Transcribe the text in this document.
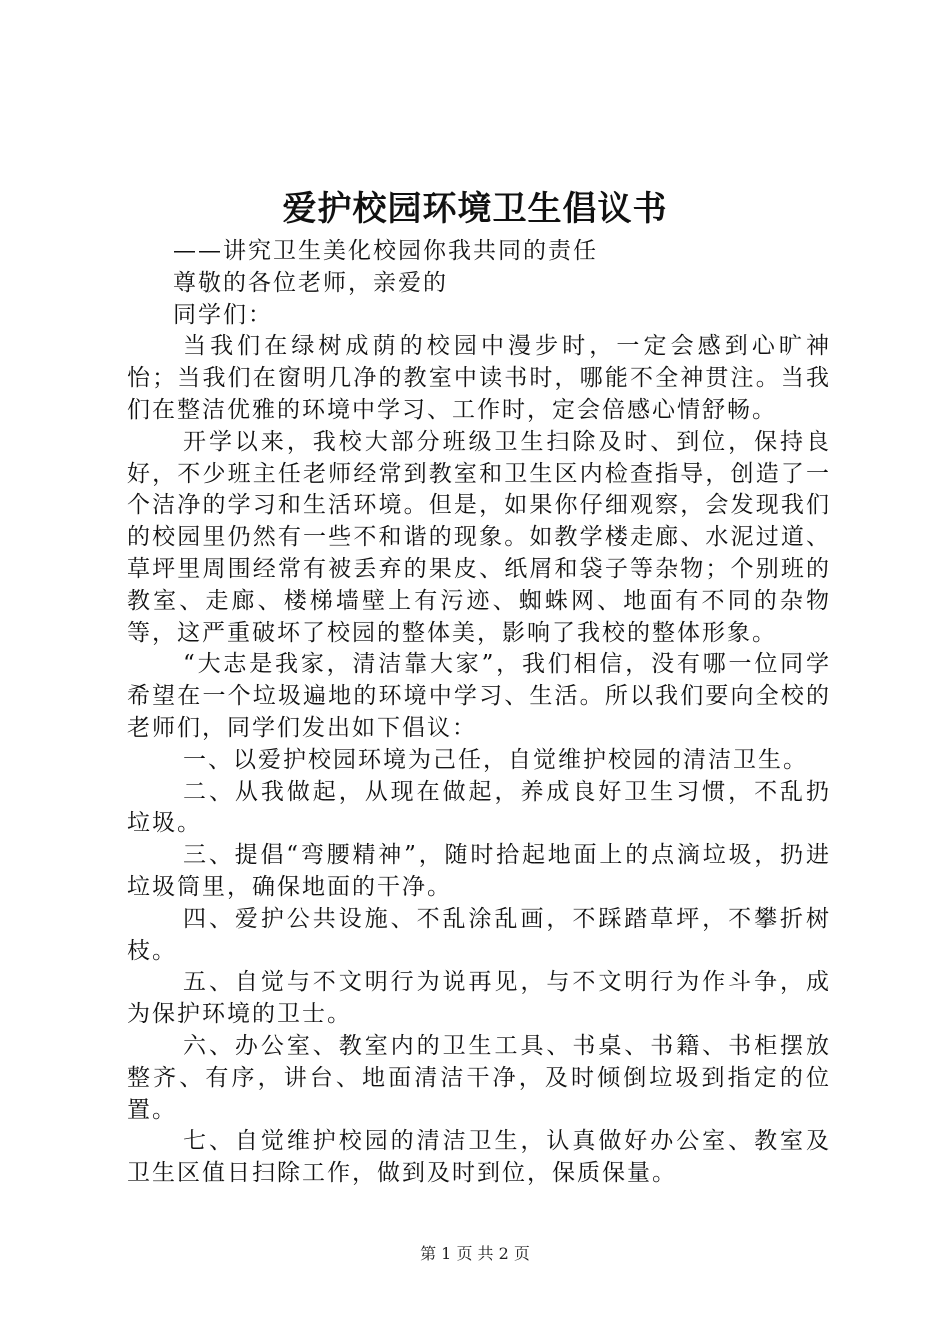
爱护校园环境卫生倡议书

——讲究卫生美化校园你我共同的责任

尊敬的各位老师，亲爱的

同学们：

当我们在绿树成荫的校园中漫步时，一定会感到心旷神怡；当我们在窗明几净的教室中读书时，哪能不全神贯注。当我们在整洁优雅的环境中学习、工作时，定会倍感心情舒畅。

开学以来，我校大部分班级卫生扫除及时、到位，保持良好，不少班主任老师经常到教室和卫生区内检查指导，创造了一个洁净的学习和生活环境。但是，如果你仔细观察，会发现我们的校园里仍然有一些不和谐的现象。如教学楼走廊、水泥过道、草坪里周围经常有被丢弃的果皮、纸屑和袋子等杂物；个别班的教室、走廊、楼梯墙壁上有污迹、蜘蛛网、地面有不同的杂物等，这严重破坏了校园的整体美，影响了我校的整体形象。

“大志是我家，清洁靠大家”，我们相信，没有哪一位同学希望在一个垃圾遍地的环境中学习、生活。所以我们要向全校的老师们，同学们发出如下倡议：

一、以爱护校园环境为己任，自觉维护校园的清洁卫生。

二、从我做起，从现在做起，养成良好卫生习惯，不乱扔垃圾。

三、提倡“弯腰精神”，随时拾起地面上的点滴垃圾，扔进垃圾筒里，确保地面的干净。

四、爱护公共设施、不乱涂乱画，不踩踏草坪，不攀折树枝。

五、自觉与不文明行为说再见，与不文明行为作斗争，成为保护环境的卫士。

六、办公室、教室内的卫生工具、书桌、书籍、书柜摆放整齐、有序，讲台、地面清洁干净，及时倾倒垃圾到指定的位置。

七、自觉维护校园的清洁卫生，认真做好办公室、教室及卫生区值日扫除工作，做到及时到位，保质保量。

第 1 页 共 2 页
